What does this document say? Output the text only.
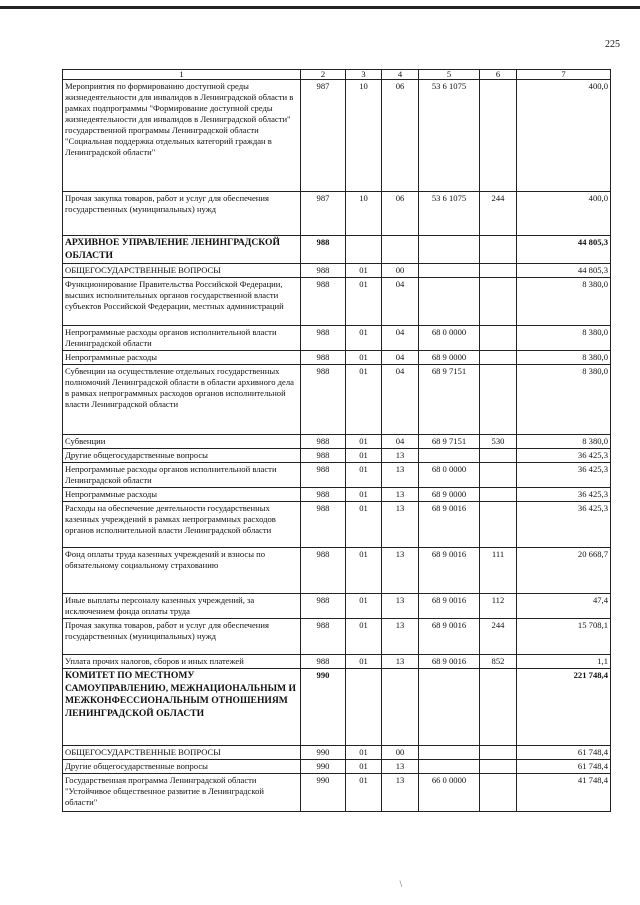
225
1	2	3	4	5	6	7
Мероприятия по формированию доступной среды жизнедеятельности для инвалидов в Ленинградской области в рамках подпрограммы "Формирование доступной среды жизнедеятельности для инвалидов в Ленинградской области" государственной программы Ленинградской области "Социальная поддержка отдельных категорий граждан в Ленинградской области"	987	10	06	53 6 1075		400,0
Прочая закупка товаров, работ и услуг для обеспечения государственных (муниципальных) нужд	987	10	06	53 6 1075	244	400,0
АРХИВНОЕ УПРАВЛЕНИЕ ЛЕНИНГРАДСКОЙ ОБЛАСТИ	988					44 805,3
ОБЩЕГОСУДАРСТВЕННЫЕ ВОПРОСЫ	988	01	00			44 805,3
Функционирование Правительства Российской Федерации, высших исполнительных органов государственной власти субъектов Российской Федерации, местных администраций	988	01	04			8 380,0
Непрограммные расходы органов исполнительной власти Ленинградской области	988	01	04	68 0 0000		8 380,0
Непрограммные расходы	988	01	04	68 9 0000		8 380,0
Субвенции на осуществление отдельных государственных полномочий Ленинградской области в области архивного дела в рамках непрограммных расходов органов исполнительной власти Ленинградской области	988	01	04	68 9 7151		8 380,0
Субвенции	988	01	04	68 9 7151	530	8 380,0
Другие общегосударственные вопросы	988	01	13			36 425,3
Непрограммные расходы органов исполнительной власти Ленинградской области	988	01	13	68 0 0000		36 425,3
Непрограммные расходы	988	01	13	68 9 0000		36 425,3
Расходы на обеспечение деятельности государственных казенных учреждений в рамках непрограммных расходов органов исполнительной власти Ленинградской области	988	01	13	68 9 0016		36 425,3
Фонд оплаты труда казенных учреждений и взносы по обязательному социальному страхованию	988	01	13	68 9 0016	111	20 668,7
Иные выплаты персоналу казенных учреждений, за исключением фонда оплаты труда	988	01	13	68 9 0016	112	47,4
Прочая закупка товаров, работ и услуг для обеспечения государственных (муниципальных) нужд	988	01	13	68 9 0016	244	15 708,1
Уплата прочих налогов, сборов и иных платежей	988	01	13	68 9 0016	852	1,1
КОМИТЕТ ПО МЕСТНОМУ САМОУПРАВЛЕНИЮ, МЕЖНАЦИОНАЛЬНЫМ И МЕЖКОНФЕССИОНАЛЬНЫМ ОТНОШЕНИЯМ ЛЕНИНГРАДСКОЙ ОБЛАСТИ	990					221 748,4
ОБЩЕГОСУДАРСТВЕННЫЕ ВОПРОСЫ	990	01	00			61 748,4
Другие общегосударственные вопросы	990	01	13			61 748,4
Государственная программа Ленинградской области "Устойчивое общественное развитие в Ленинградской области"	990	01	13	66 0 0000		41 748,4
∖
